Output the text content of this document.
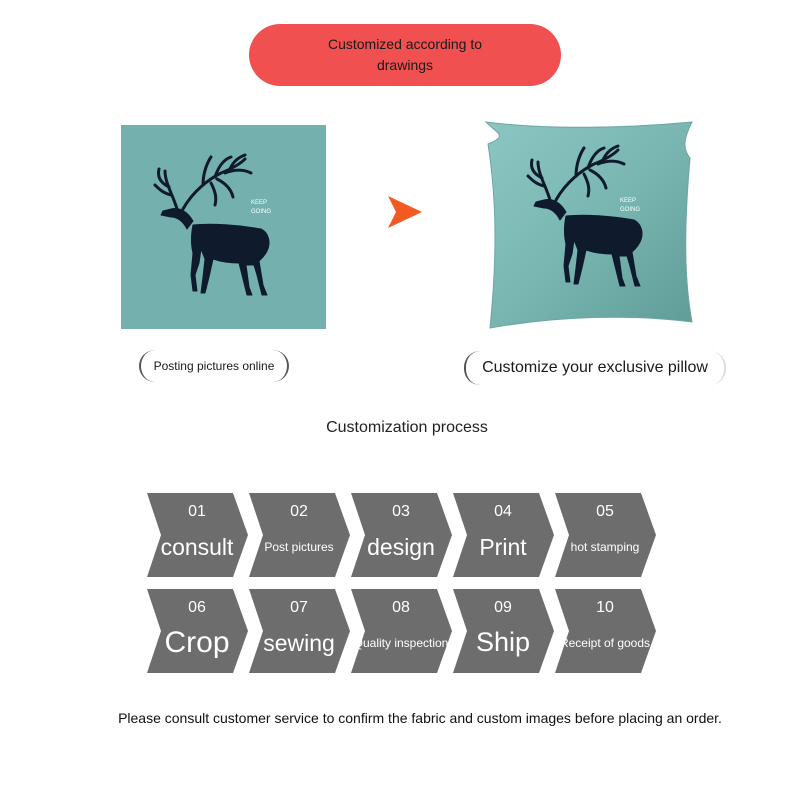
Customized according to drawings
KEEP
GOING
KEEP
GOING
Posting pictures online	Customize your exclusive pillow
Customization process
01
consult
02
Post pictures
03
design
04
Print
05
hot stamping
06
Crop
07
sewing
08
Quality inspection
09
Ship
10
Receipt of goods
Please consult customer service to confirm the fabric and custom images before placing an order.
